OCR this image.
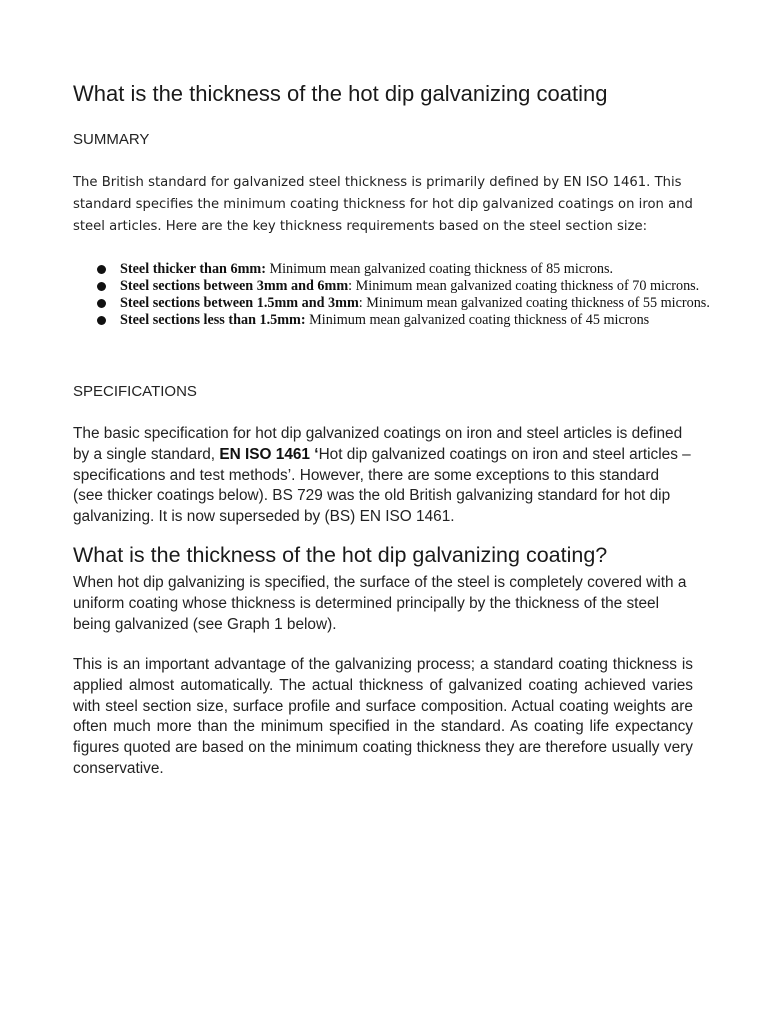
What is the thickness of the hot dip galvanizing coating
SUMMARY

The British standard for galvanized steel thickness is primarily defined by EN ISO 1461. This standard specifies the minimum coating thickness for hot dip galvanized coatings on iron and steel articles. Here are the key thickness requirements based on the steel section size:

Steel thicker than 6mm: Minimum mean galvanized coating thickness of 85 microns.
Steel sections between 3mm and 6mm: Minimum mean galvanized coating thickness of 70 microns.
Steel sections between 1.5mm and 3mm: Minimum mean galvanized coating thickness of 55 microns.
Steel sections less than 1.5mm: Minimum mean galvanized coating thickness of 45 microns
SPECIFICATIONS

The basic specification for hot dip galvanized coatings on iron and steel articles is defined by a single standard, EN ISO 1461 ‘Hot dip galvanized coatings on iron and steel articles – specifications and test methods’. However, there are some exceptions to this standard (see thicker coatings below). BS 729 was the old British galvanizing standard for hot dip galvanizing. It is now superseded by (BS) EN ISO 1461.

What is the thickness of the hot dip galvanizing coating?

When hot dip galvanizing is specified, the surface of the steel is completely covered with a uniform coating whose thickness is determined principally by the thickness of the steel being galvanized (see Graph 1 below).

This is an important advantage of the galvanizing process; a standard coating thickness is applied almost automatically. The actual thickness of galvanized coating achieved varies with steel section size, surface profile and surface composition. Actual coating weights are often much more than the minimum specified in the standard. As coating life expectancy figures quoted are based on the minimum coating thickness they are therefore usually very conservative.
